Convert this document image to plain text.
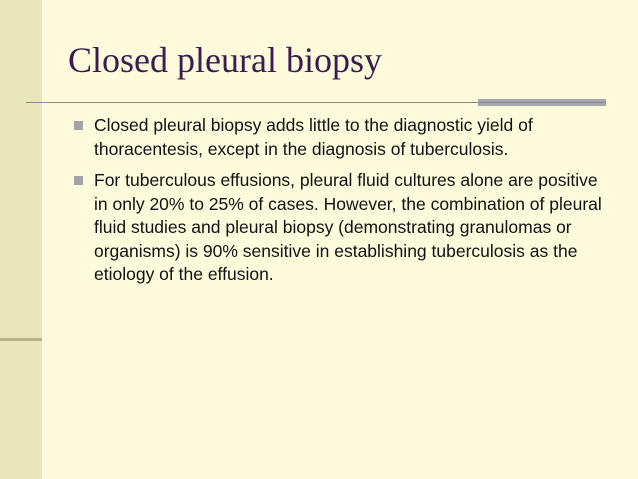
Closed pleural biopsy
Closed pleural biopsy adds little to the diagnostic yield of thoracentesis, except in the diagnosis of tuberculosis.
For tuberculous effusions, pleural fluid cultures alone are positive in only 20% to 25% of cases. However, the combination of pleural fluid studies and pleural biopsy (demonstrating granulomas or organisms) is 90% sensitive in establishing tuberculosis as the etiology of the effusion.
